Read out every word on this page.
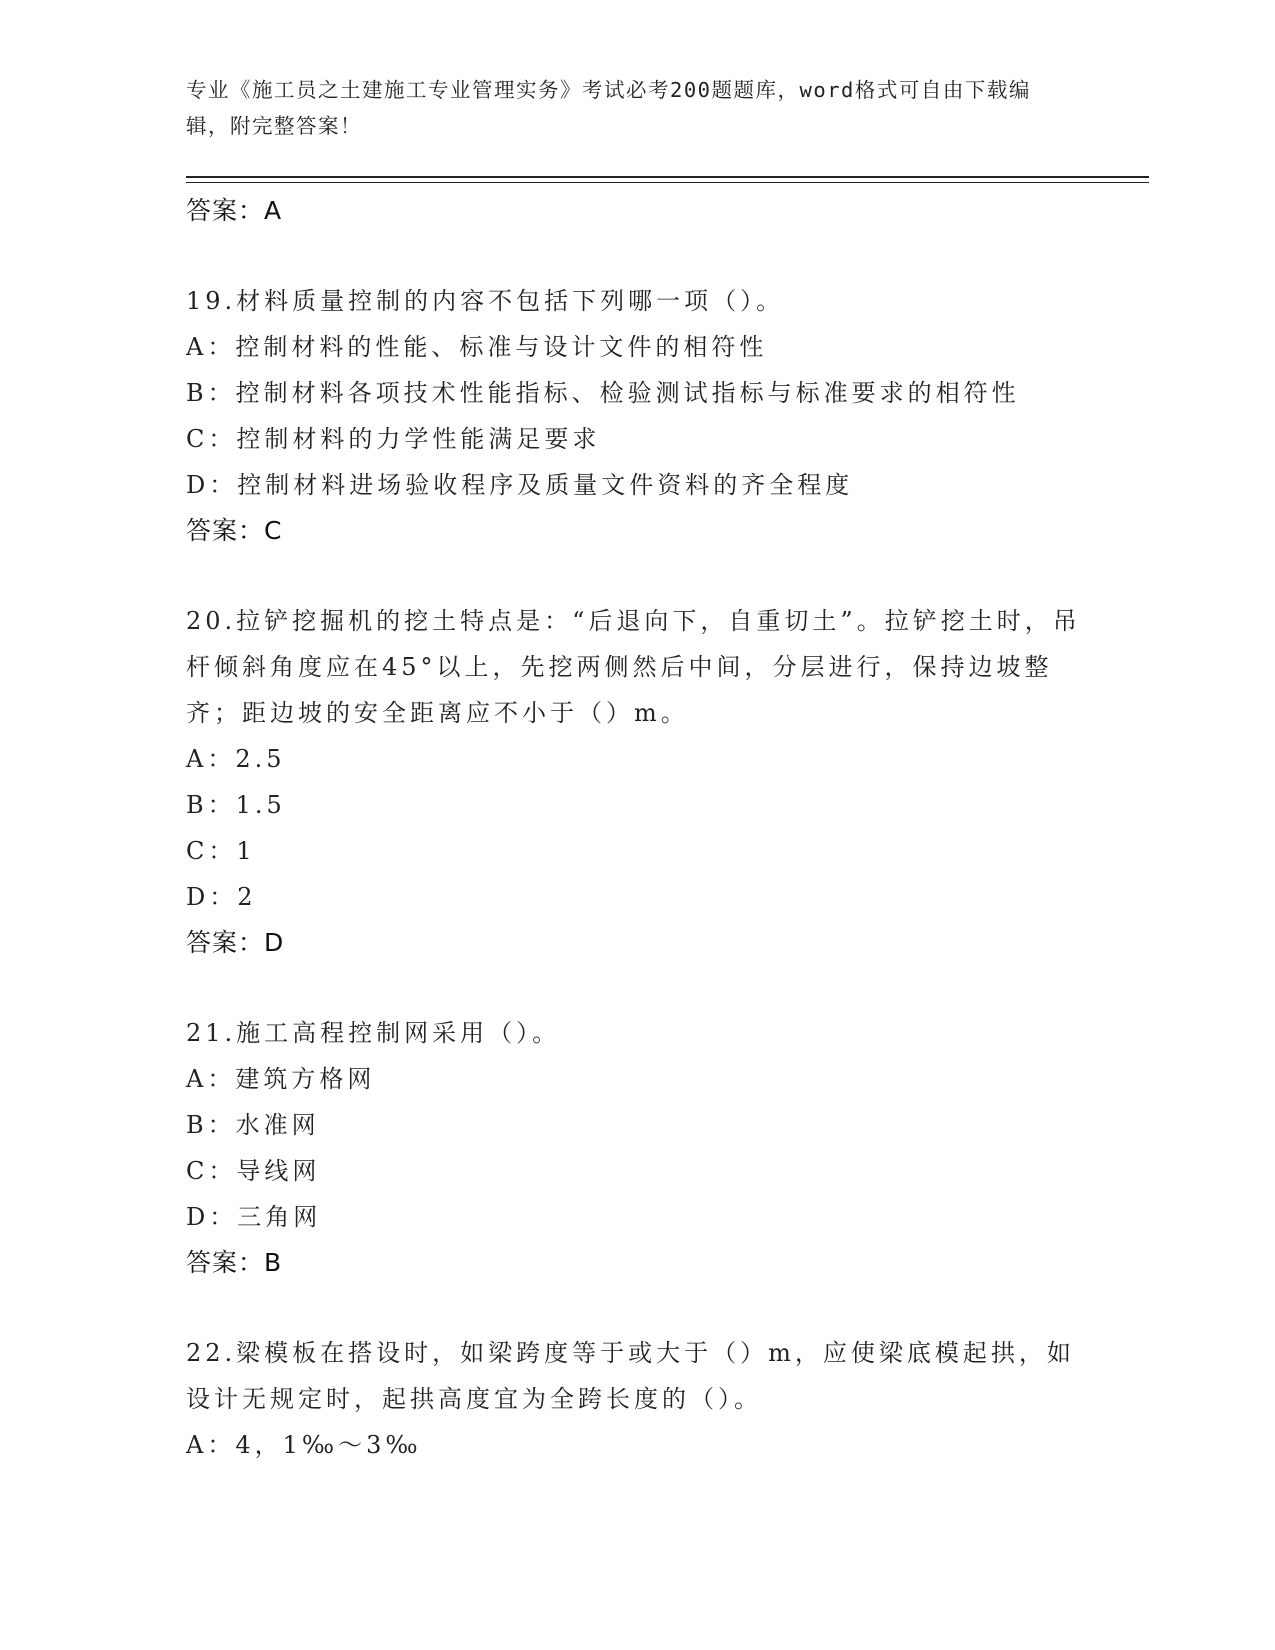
专业《施工员之土建施工专业管理实务》考试必考200题题库，word格式可自由下载编辑，附完整答案！

答案：A

19.材料质量控制的内容不包括下列哪一项（）。

A：控制材料的性能、标准与设计文件的相符性

B：控制材料各项技术性能指标、检验测试指标与标准要求的相符性

C：控制材料的力学性能满足要求

D：控制材料进场验收程序及质量文件资料的齐全程度

答案：C

20.拉铲挖掘机的挖土特点是：“后退向下，自重切土”。拉铲挖土时，吊杆倾斜角度应在45°以上，先挖两侧然后中间，分层进行，保持边坡整齐；距边坡的安全距离应不小于（）m。

A：2.5

B：1.5

C：1

D：2

答案：D

21.施工高程控制网采用（）。

A：建筑方格网

B：水准网

C：导线网

D：三角网

答案：B

22.梁模板在搭设时，如梁跨度等于或大于（）m，应使梁底模起拱，如设计无规定时，起拱高度宜为全跨长度的（）。

A：4，1‰～3‰
